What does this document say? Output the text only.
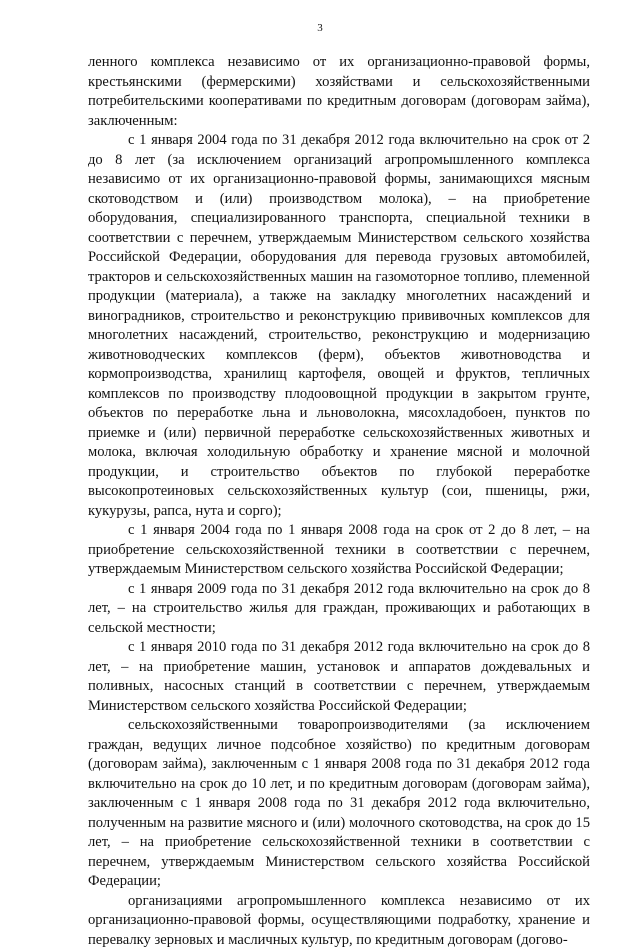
3

ленного комплекса независимо от их организационно-правовой формы, крестьянскими (фермерскими) хозяйствами и сельскохозяйственными потребительскими кооперативами по кредитным договорам (договорам займа), заключенным:

с 1 января 2004 года по 31 декабря 2012 года включительно на срок от 2 до 8 лет (за исключением организаций агропромышленного комплекса независимо от их организационно-правовой формы, занимающихся мясным скотоводством и (или) производством молока), – на приобретение оборудования, специализированного транспорта, специальной техники в соответствии с перечнем, утверждаемым Министерством сельского хозяйства Российской Федерации, оборудования для перевода грузовых автомобилей, тракторов и сельскохозяйственных машин на газомоторное топливо, племенной продукции (материала), а также на закладку многолетних насаждений и виноградников, строительство и реконструкцию прививочных комплексов для многолетних насаждений, строительство, реконструкцию и модернизацию животноводческих комплексов (ферм), объектов животноводства и кормопроизводства, хранилищ картофеля, овощей и фруктов, тепличных комплексов по производству плодоовощной продукции в закрытом грунте, объектов по переработке льна и льноволокна, мясохладобоен, пунктов по приемке и (или) первичной переработке сельскохозяйственных животных и молока, включая холодильную обработку и хранение мясной и молочной продукции, и строительство объектов по глубокой переработке высокопротеиновых сельскохозяйственных культур (сои, пшеницы, ржи, кукурузы, рапса, нута и сорго);

с 1 января 2004 года по 1 января 2008 года на срок от 2 до 8 лет, – на приобретение сельскохозяйственной техники в соответствии с перечнем, утверждаемым Министерством сельского хозяйства Российской Федерации;

с 1 января 2009 года по 31 декабря 2012 года включительно на срок до 8 лет, – на строительство жилья для граждан, проживающих и работающих в сельской местности;

с 1 января 2010 года по 31 декабря 2012 года включительно на срок до 8 лет, – на приобретение машин, установок и аппаратов дождевальных и поливных, насосных станций в соответствии с перечнем, утверждаемым Министерством сельского хозяйства Российской Федерации;

сельскохозяйственными товаропроизводителями (за исключением граждан, ведущих личное подсобное хозяйство) по кредитным договорам (договорам займа), заключенным с 1 января 2008 года по 31 декабря 2012 года включительно на срок до 10 лет, и по кредитным договорам (договорам займа), заключенным с 1 января 2008 года по 31 декабря 2012 года включительно, полученным на развитие мясного и (или) молочного скотоводства, на срок до 15 лет, – на приобретение сельскохозяйственной техники в соответствии с перечнем, утверждаемым Министерством сельского хозяйства Российской Федерации;

организациями агропромышленного комплекса независимо от их организационно-правовой формы, осуществляющими подработку, хранение и перевалку зерновых и масличных культур, по кредитным договорам (догово-
